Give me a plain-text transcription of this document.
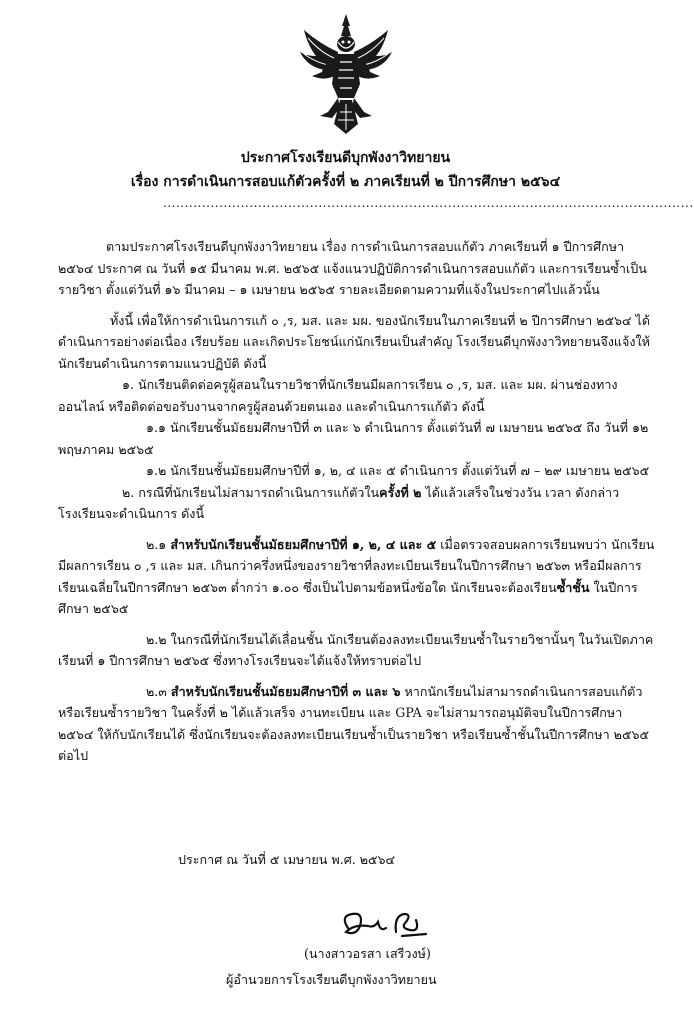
ประกาศโรงเรียนดีบุกพังงาวิทยายน
เรื่อง การดำเนินการสอบแก้ตัวครั้งที่ ๒ ภาคเรียนที่ ๒ ปีการศึกษา ๒๕๖๔
...........................................................................................................................

ตามประกาศโรงเรียนดีบุกพังงาวิทยายน เรื่อง การดำเนินการสอบแก้ตัว ภาคเรียนที่ ๑ ปีการศึกษา ๒๕๖๔ ประกาศ ณ วันที่ ๑๕ มีนาคม พ.ศ. ๒๕๖๕ แจ้งแนวปฏิบัติการดำเนินการสอบแก้ตัว และการเรียนซ้ำเป็นรายวิชา ตั้งแต่วันที่ ๑๖ มีนาคม – ๑ เมษายน ๒๕๖๕ รายละเอียดตามความที่แจ้งในประกาศไปแล้วนั้น

ทั้งนี้ เพื่อให้การดำเนินการแก้ ๐ ,ร, มส. และ มผ. ของนักเรียนในภาคเรียนที่ ๒ ปีการศึกษา ๒๕๖๔ ได้ดำเนินการอย่างต่อเนื่อง เรียบร้อย และเกิดประโยชน์แก่นักเรียนเป็นสำคัญ โรงเรียนดีบุกพังงาวิทยายนจึงแจ้งให้นักเรียนดำเนินการตามแนวปฏิบัติ ดังนี้

๑. นักเรียนติดต่อครูผู้สอนในรายวิชาที่นักเรียนมีผลการเรียน ๐ ,ร, มส. และ มผ. ผ่านช่องทางออนไลน์ หรือติดต่อขอรับงานจากครูผู้สอนด้วยตนเอง และดำเนินการแก้ตัว ดังนี้

๑.๑ นักเรียนชั้นมัธยมศึกษาปีที่ ๓ และ ๖ ดำเนินการ ตั้งแต่วันที่ ๗ เมษายน ๒๕๖๕ ถึง วันที่ ๑๒ พฤษภาคม ๒๕๖๕

๑.๒ นักเรียนชั้นมัธยมศึกษาปีที่ ๑, ๒, ๔ และ ๕ ดำเนินการ ตั้งแต่วันที่ ๗ – ๒๙ เมษายน ๒๕๖๕

๒. กรณีที่นักเรียนไม่สามารถดำเนินการแก้ตัวในครั้งที่ ๒ ได้แล้วเสร็จในช่วงวัน เวลา ดังกล่าว โรงเรียนจะดำเนินการ ดังนี้

๒.๑ สำหรับนักเรียนชั้นมัธยมศึกษาปีที่ ๑, ๒, ๔ และ ๕ เมื่อตรวจสอบผลการเรียนพบว่า นักเรียนมีผลการเรียน ๐ ,ร และ มส. เกินกว่าครึ่งหนึ่งของรายวิชาที่ลงทะเบียนเรียนในปีการศึกษา ๒๕๖๓ หรือมีผลการเรียนเฉลี่ยในปีการศึกษา ๒๕๖๓ ต่ำกว่า ๑.๐๐ ซึ่งเป็นไปตามข้อหนึ่งข้อใด นักเรียนจะต้องเรียนซ้ำชั้น ในปีการศึกษา ๒๕๖๕

๒.๒ ในกรณีที่นักเรียนได้เลื่อนชั้น นักเรียนต้องลงทะเบียนเรียนซ้ำในรายวิชานั้นๆ ในวันเปิดภาคเรียนที่ ๑ ปีการศึกษา ๒๕๖๕ ซึ่งทางโรงเรียนจะได้แจ้งให้ทราบต่อไป

๒.๓ สำหรับนักเรียนชั้นมัธยมศึกษาปีที่ ๓ และ ๖ หากนักเรียนไม่สามารถดำเนินการสอบแก้ตัว หรือเรียนซ้ำรายวิชา ในครั้งที่ ๒ ได้แล้วเสร็จ งานทะเบียน และ GPA จะไม่สามารถอนุมัติจบในปีการศึกษา ๒๕๖๔ ให้กับนักเรียนได้ ซึ่งนักเรียนจะต้องลงทะเบียนเรียนซ้ำเป็นรายวิชา หรือเรียนซ้ำชั้นในปีการศึกษา ๒๕๖๕ ต่อไป

ประกาศ ณ วันที่ ๕ เมษายน พ.ศ. ๒๕๖๔
(นางสาวอรสา เสรีวงษ์)
ผู้อำนวยการโรงเรียนดีบุกพังงาวิทยายน
